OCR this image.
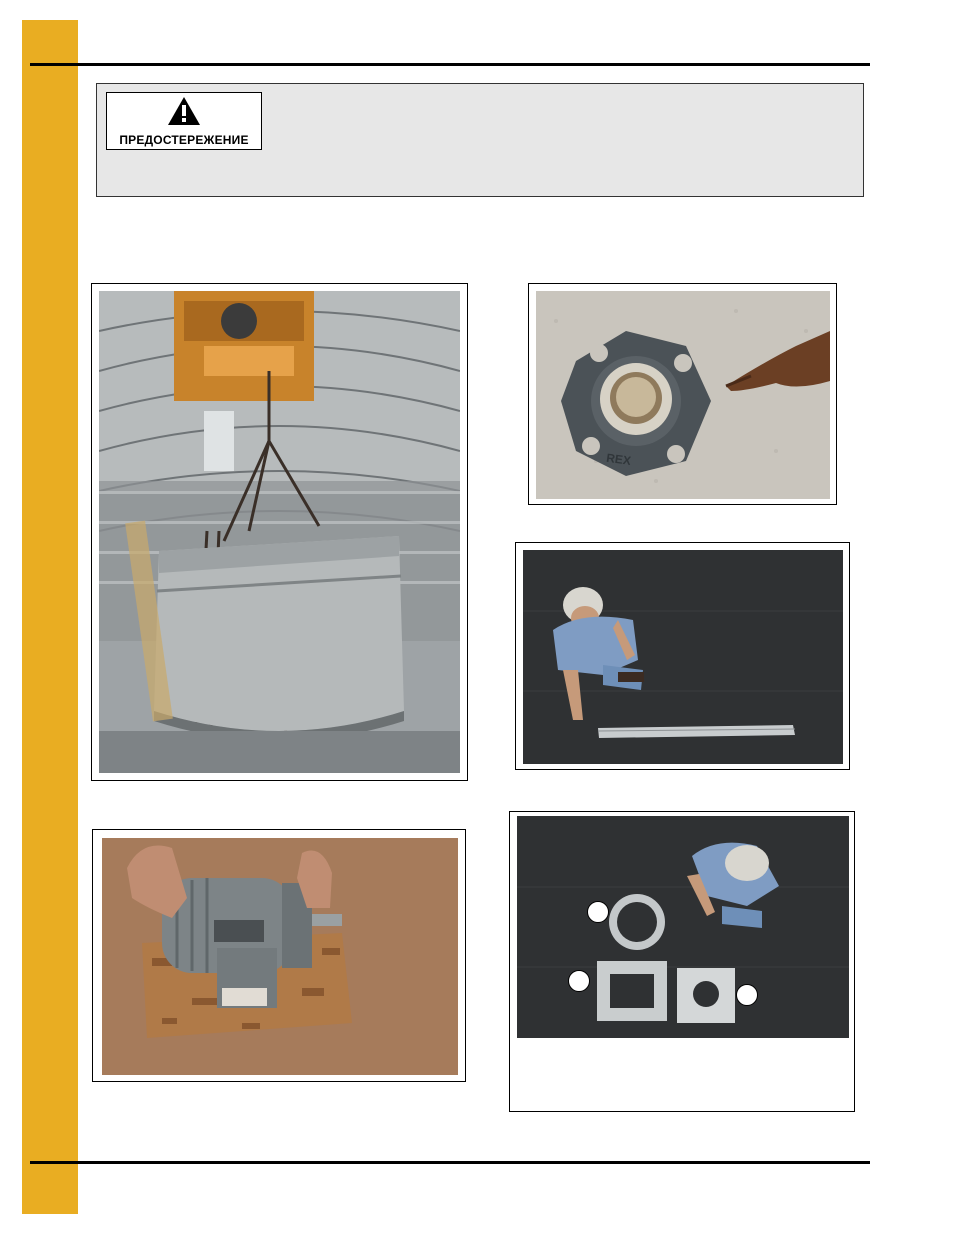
ПРЕДОСТЕРЕЖЕНИЕ
REX
